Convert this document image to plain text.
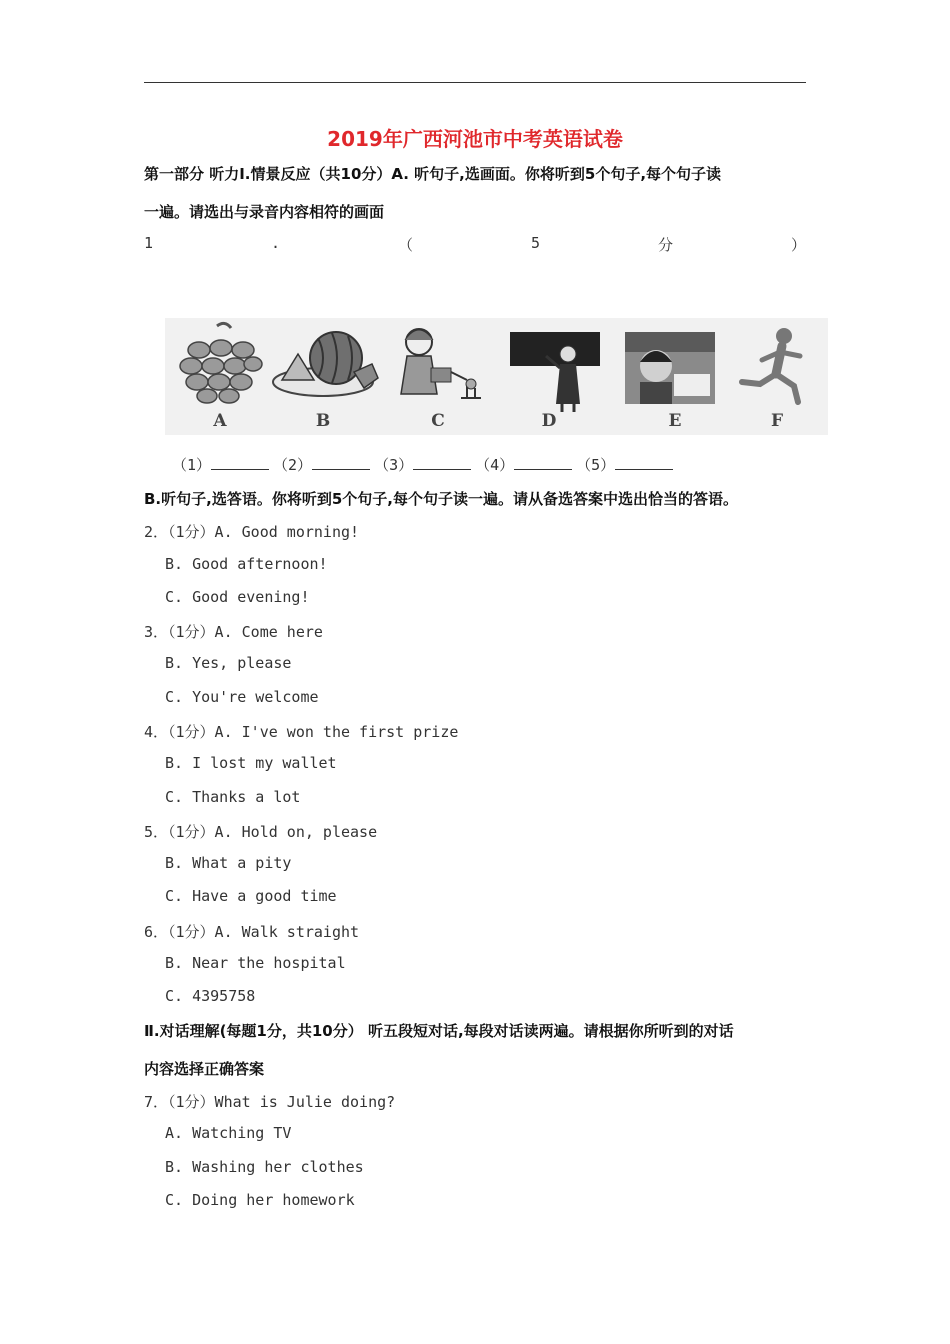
2019年广西河池市中考英语试卷
第一部分 听力Ⅰ.情景反应（共10分）A. 听句子,选画面。你将听到5个句子,每个句子读
一遍。请选出与录音内容相符的画面
1	.	（	5	分	）
A	B	C	D	E	F
（1）	（2）	（3）	（4）	（5）
B.听句子,选答语。你将听到5个句子,每个句子读一遍。请从备选答案中选出恰当的答语。
2．（1分）A. Good morning!
B. Good afternoon!
C. Good evening!
3．（1分）A. Come here
B. Yes, please
C. You're welcome
4．（1分）A. I've won the first prize
B. I lost my wallet
C. Thanks a lot
5．（1分）A. Hold on, please
B. What a pity
C. Have a good time
6．（1分）A. Walk straight
B. Near the hospital
C. 4395758
Ⅱ.对话理解(每题1分，共10分） 听五段短对话,每段对话读两遍。请根据你所听到的对话
内容选择正确答案
7．（1分）What is Julie doing?
A. Watching TV
B. Washing her clothes
C. Doing her homework
